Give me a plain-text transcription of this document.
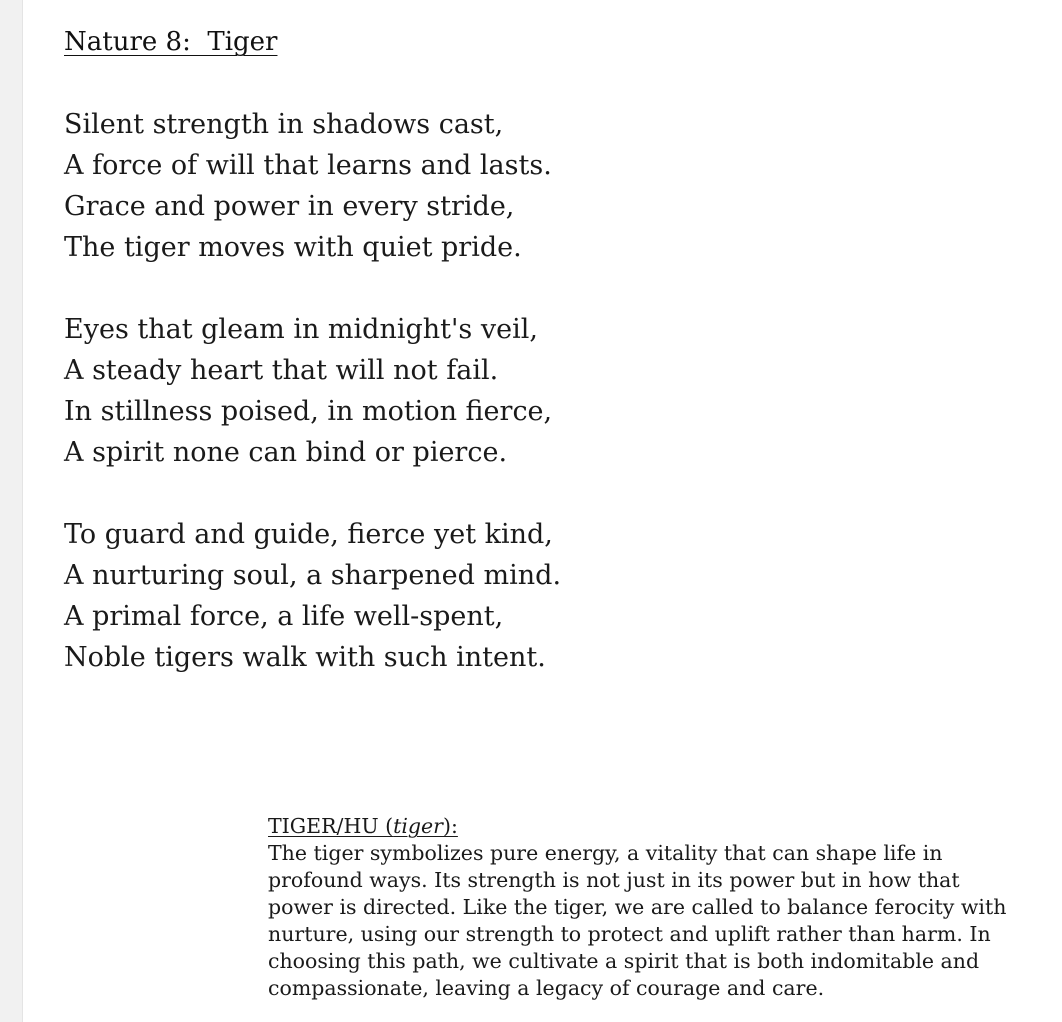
Nature 8:  Tiger
Silent strength in shadows cast,
A force of will that learns and lasts.
Grace and power in every stride,
The tiger moves with quiet pride.
Eyes that gleam in midnight's veil,
A steady heart that will not fail.
In stillness poised, in motion fierce,
A spirit none can bind or pierce.
To guard and guide, fierce yet kind,
A nurturing soul, a sharpened mind.
A primal force, a life well-spent,
Noble tigers walk with such intent.
TIGER/HU (tiger):
The tiger symbolizes pure energy, a vitality that can shape life in
profound ways. Its strength is not just in its power but in how that
power is directed. Like the tiger, we are called to balance ferocity with
nurture, using our strength to protect and uplift rather than harm. In
choosing this path, we cultivate a spirit that is both indomitable and
compassionate, leaving a legacy of courage and care.
